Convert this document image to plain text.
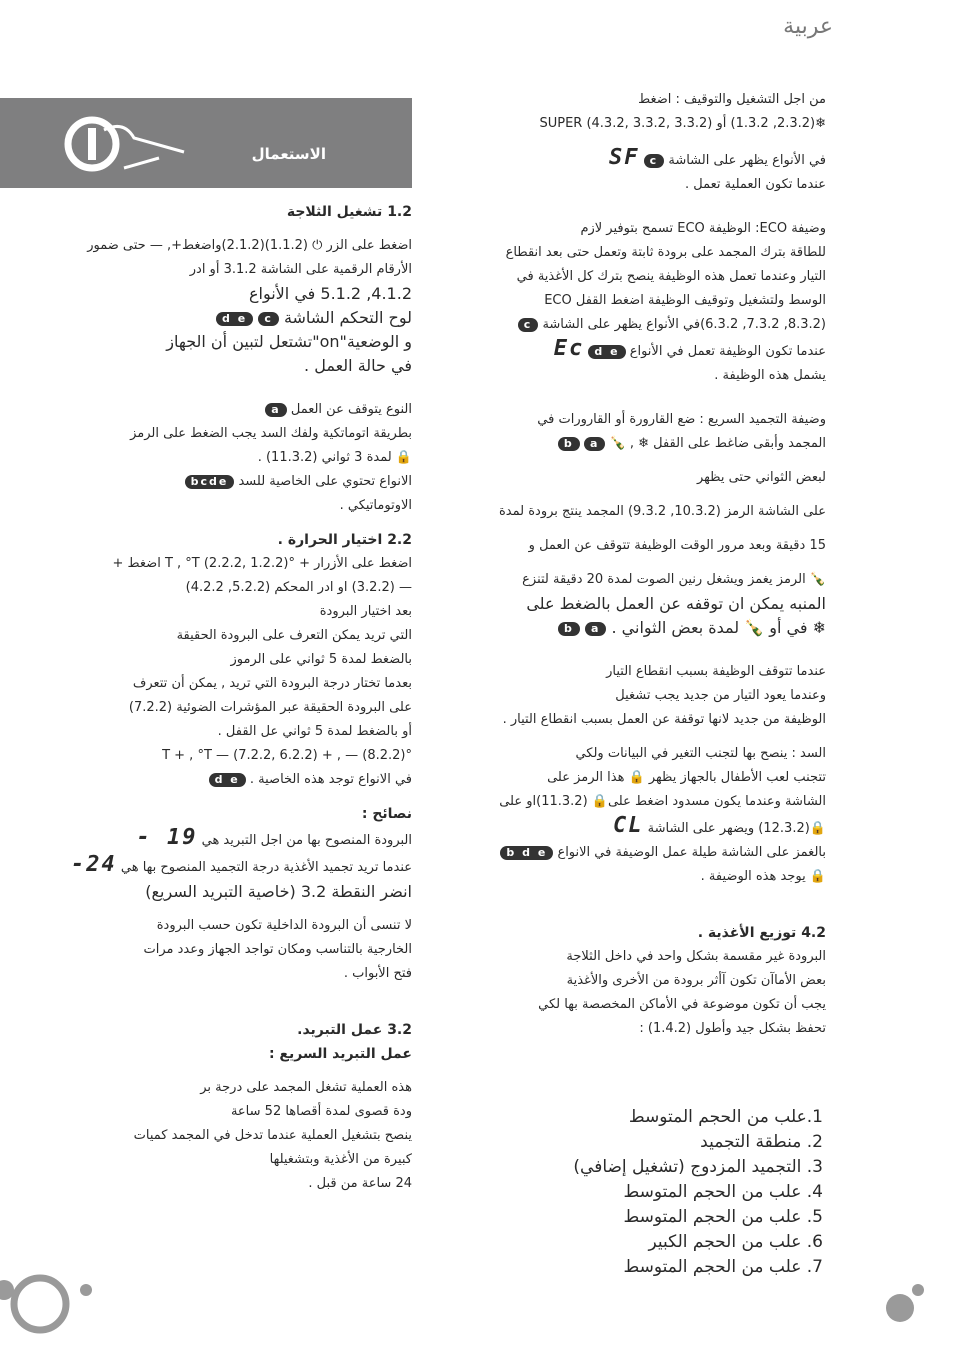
عربية
الاستعمال

1.2 تشغيل الثلاجة

اضغط على الزر ⏻ (1.1.2)(2.1.2)واضغط+, — حتى ضمور

الأرقام الرقمية على الشاشة 3.1.2 أو ادر

4.1.2, 5.1.2 في الأنواع

لوح التحكم الشاشة c d e

و الوضعية"on"تشتعل لتبين أن الجهاز

في حالة العمل .

النوع يتوقف عن العمل a

بطريقة اتوماتكية ولفك السد يجب الضغط على الرمز

🔒 لمدة 3 ثواني (11.3.2) .

الانواع تحتوي على الخاصية للسد bcde

الاوتوماتيكي .

2.2 اختيار الحرارة .

اضغط على الأزرار + °T , °T (2.2.2, 1.2.2) اضغط +

— (3.2.2) او ادر المحكم (5.2.2, 4.2.2)

بعد اختيار البرودة

التي تريد يمكن التعرف على البرودة الحقيقة

بالضغط لمدة 5 ثواني على الرموز

بعدما تختار درجة البرودة التي تريد , يمكن أن تتعرف

على البرودة الحقيقة عبر المؤشرات الضوئية (7.2.2)

أو بالضغط لمدة 5 ثواني عل القفل .

°T + , °T — (7.2.2, 6.2.2) + , — (8.2.2)

في الانواع توجد هذه الخاصية . d e

نصائح :

البرودة المنصوح بها من اجل التبريد هي - 19

عندما تريد تجميد الأغذية درجة التجميد المنصوح بها هي -24

انضر النقطة 3.2 (خاصية التبريد السريع)

لا تنسى أن البرودة الداخلية تكون حسب البرودة

الخارجية بالتناسب ومكان تواجد الجهاز وعدد مرات

فتح الأبواب .

3.2 عمل التبريد.

عمل التبريد السريع :

هذه العملية تشغل المجمد على درجة بر

ودة قصوى لمدة أقصاها 52 ساعة

ينصح بتشغيل العملية عندما تدخل في المجمد كميات

كبيرة من الأغذية وبتشغيلها

24 ساعة من قبل .

من اجل التشغيل والتوقيف : اضغط

❄(2.3.2, 1.3.2) أو SUPER (4.3.2, 3.3.2, 3.3.2)

في الأنواع يظهر على الشاشة c SF

عندما تكون العملية تعمل .

وضيفة ECO: الوظيفة ECO تسمح بتوفير لازم

للطاقة بترك المجمد على برودة ثابتة وتعمل حتى بعد انقطاع

التيار وعندما تعمل هذه الوظيفة ينصح بترك كل الأغذية في

الوسط ولتشغيل وتوقيف الوظيفة اضغط القفل ECO

(8.3.2, 7.3.2, 6.3.2)في الأنواع يظهر على الشاشة c

عندما تكون الوظيفة تعمل في الأنواع d e Ec

يشمل هذه الوظيفة .

وضيفة التجميد السريع : ضع القارورة أو القارورات في

المجمد وأبقى ضاغط على القفل ❄ , 🍾 a b

لبعض الثواني حتى يظهر

على الشاشة الرمز (10.3.2, 9.3.2) المجمد ينتج برودة لمدة

15 دقيقة وبعد مرور الوقت الوظيفة تتوقف عن العمل و

🍾 الرمز يغمز ويشغل رنين الصوت لمدة 20 دقيقة لتنزع

المنبه يمكن ان توقفه عن العمل بالضغط على

❄ في أو 🍾 لمدة بعض الثواني . a b

عندما تتوقف الوظيفة بسبب انقطاع التيار

وعندما يعود التيار من جديد يجب تشغيل

الوظيفة من جديد لانها توقفة عن العمل بسبب انقطاع التيار .

السد : ينصح بها لتجنب التغير في البيانات ولكي

تتجنب لعب الأطفال بالجهاز يظهر 🔒 هذا الرمز على

الشاشة وعندما يكون مسدود اضغط على🔒 (11.3.2)او على

🔒(12.3.2) ويضهر على الشاشة CL

بالغمز على الشاشة طيلة عمل الوضيفة في الانواع b d e

🔒 يوجد هذه الوضيفة .

4.2 توزيع الأغذية .

البرودة غير مقسمة بشكل واحد في داخل الثلاجة

بعض الأماآن تكون آأثر برودة من الأخرى والأغذية

يجب أن تكون موضوعة في الأماكن المخصصة بها لكي

تحفظ بشكل جيد وأطول (1.4.2) :

1.علب من الحجم المتوسط

2. منطقة التجميد

3. التجميد المزدوج (تشغيل إضافي)

4. علب من الحجم المتوسط

5. علب من الحجم المتوسط

6. علب من الحجم الكبير

7. علب من الحجم المتوسط
